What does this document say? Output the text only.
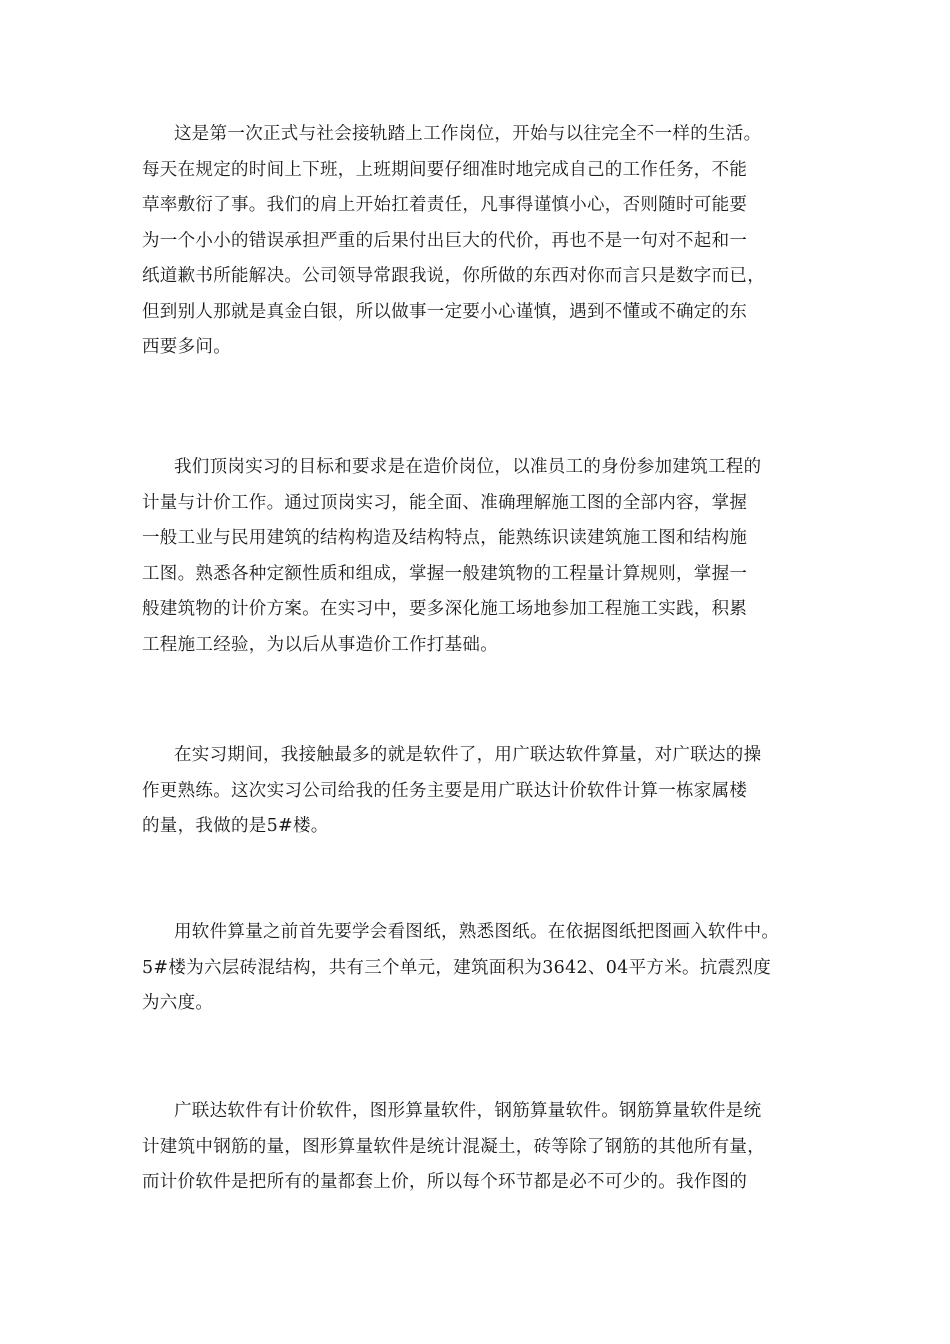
这是第一次正式与社会接轨踏上工作岗位，开始与以往完全不一样的生活。
每天在规定的时间上下班，上班期间要仔细准时地完成自己的工作任务，不能
草率敷衍了事。我们的肩上开始扛着责任，凡事得谨慎小心，否则随时可能要
为一个小小的错误承担严重的后果付出巨大的代价，再也不是一句对不起和一
纸道歉书所能解决。公司领导常跟我说，你所做的东西对你而言只是数字而已，
但到别人那就是真金白银，所以做事一定要小心谨慎，遇到不懂或不确定的东
西要多问。

我们顶岗实习的目标和要求是在造价岗位，以准员工的身份参加建筑工程的
计量与计价工作。通过顶岗实习，能全面、准确理解施工图的全部内容，掌握
一般工业与民用建筑的结构构造及结构特点，能熟练识读建筑施工图和结构施
工图。熟悉各种定额性质和组成，掌握一般建筑物的工程量计算规则，掌握一
般建筑物的计价方案。在实习中，要多深化施工场地参加工程施工实践，积累
工程施工经验，为以后从事造价工作打基础。

在实习期间，我接触最多的就是软件了，用广联达软件算量，对广联达的操
作更熟练。这次实习公司给我的任务主要是用广联达计价软件计算一栋家属楼
的量，我做的是5#楼。

用软件算量之前首先要学会看图纸，熟悉图纸。在依据图纸把图画入软件中。
5#楼为六层砖混结构，共有三个单元，建筑面积为3642、04平方米。抗震烈度
为六度。

广联达软件有计价软件，图形算量软件，钢筋算量软件。钢筋算量软件是统
计建筑中钢筋的量，图形算量软件是统计混凝土，砖等除了钢筋的其他所有量，
而计价软件是把所有的量都套上价，所以每个环节都是必不可少的。我作图的
